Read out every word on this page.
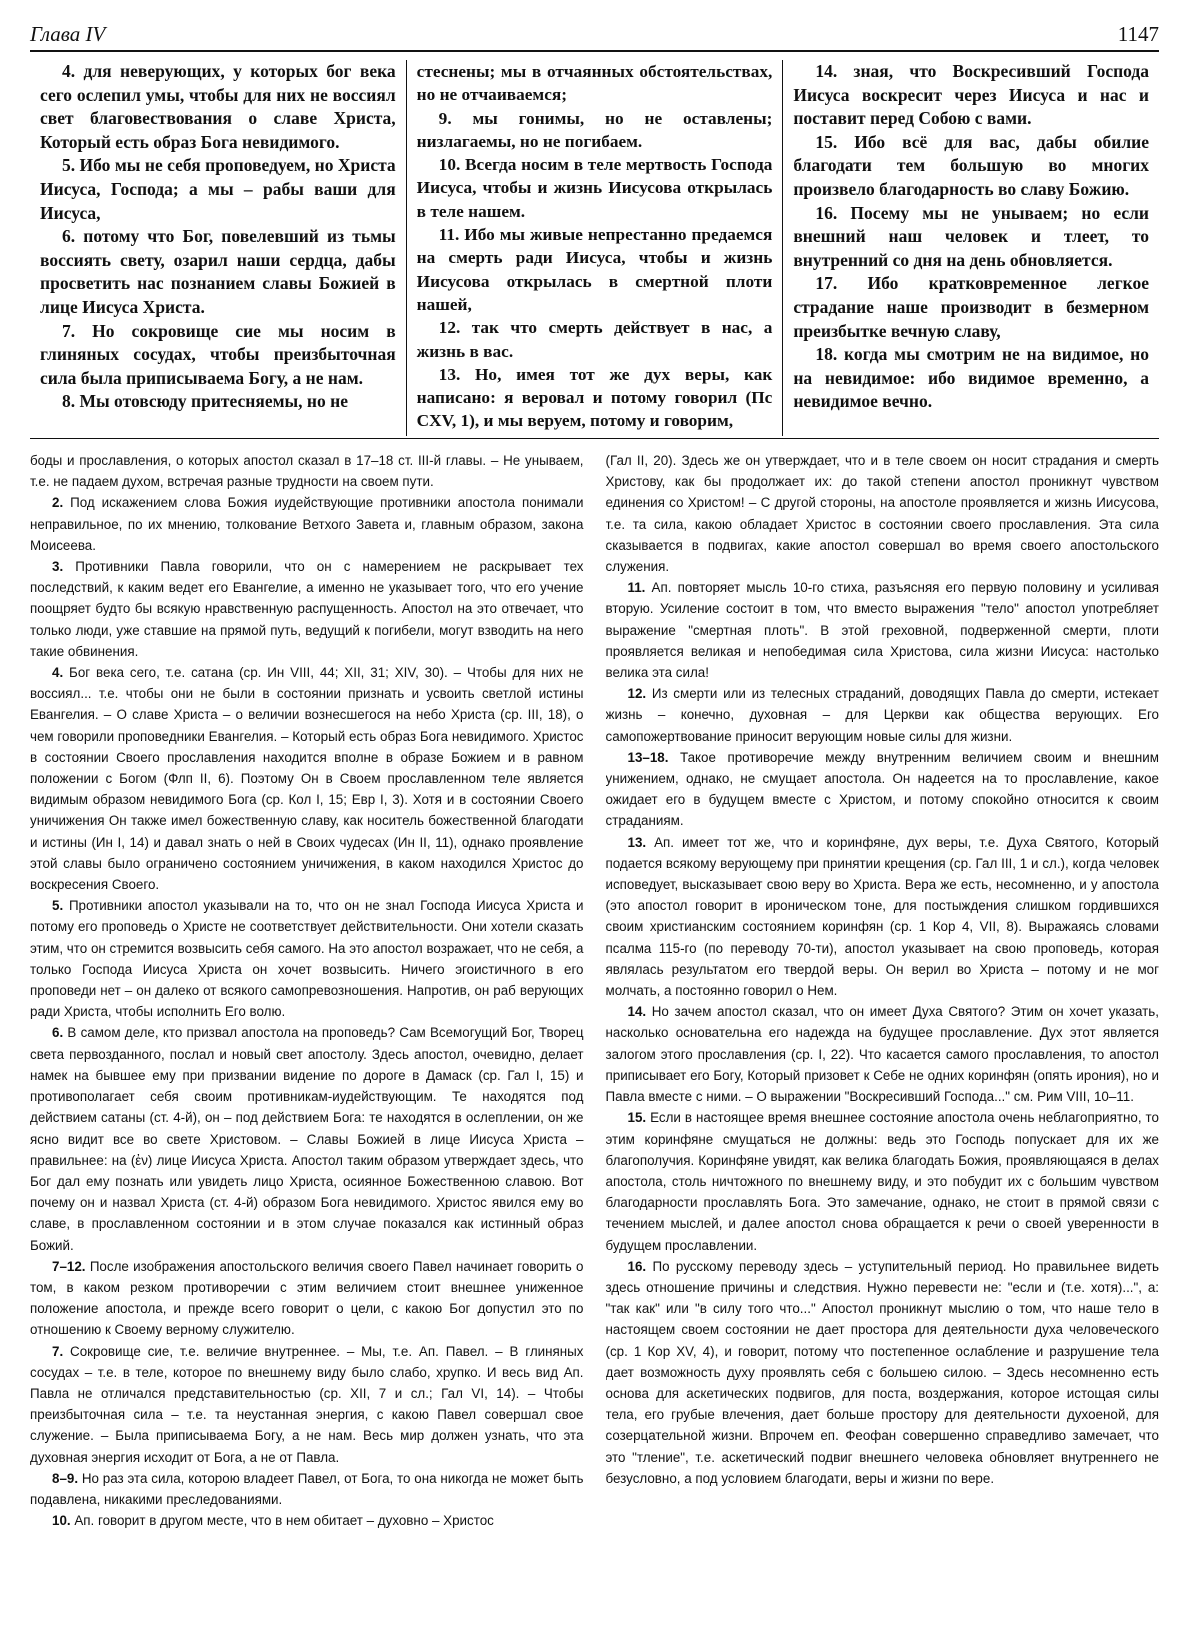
Глава IV	1147

4. для неверующих, у которых бог века сего ослепил умы, чтобы для них не воссиял свет благовествования о славе Христа, Который есть образ Бога невидимого.

5. Ибо мы не себя проповедуем, но Христа Иисуса, Господа; а мы – рабы ваши для Иисуса,

6. потому что Бог, повелевший из тьмы воссиять свету, озарил наши сердца, дабы просветить нас познанием славы Божией в лице Иисуса Христа.

7. Но сокровище сие мы носим в глиняных сосудах, чтобы преизбыточная сила была приписываема Богу, а не нам.

8. Мы отовсюду притесняемы, но не

стеснены; мы в отчаянных обстоятельствах, но не отчаиваемся;

9. мы гонимы, но не оставлены; низлагаемы, но не погибаем.

10. Всегда носим в теле мертвость Господа Иисуса, чтобы и жизнь Иисусова открылась в теле нашем.

11. Ибо мы живые непрестанно предаемся на смерть ради Иисуса, чтобы и жизнь Иисусова открылась в смертной плоти нашей,

12. так что смерть действует в нас, а жизнь в вас.

13. Но, имея тот же дух веры, как написано: я веровал и потому говорил (Пс CXV, 1), и мы веруем, потому и говорим,

14. зная, что Воскресивший Господа Иисуса воскресит через Иисуса и нас и поставит перед Собою с вами.

15. Ибо всё для вас, дабы обилие благодати тем большую во многих произвело благодарность во славу Божию.

16. Посему мы не унываем; но если внешний наш человек и тлеет, то внутренний со дня на день обновляется.

17. Ибо кратковременное легкое страдание наше производит в безмерном преизбытке вечную славу,

18. когда мы смотрим не на видимое, но на невидимое: ибо видимое временно, а невидимое вечно.

боды и прославления, о которых апостол сказал в 17–18 ст. III-й главы. – Не унываем, т.е. не падаем духом, встречая разные трудности на своем пути.

2. Под искажением слова Божия иудействующие противники апостола понимали неправильное, по их мнению, толкование Ветхого Завета и, главным образом, закона Моисеева.

3. Противники Павла говорили, что он с намерением не раскрывает тех последствий, к каким ведет его Евангелие, а именно не указывает того, что его учение поощряет будто бы всякую нравственную распущенность. Апостол на это отвечает, что только люди, уже ставшие на прямой путь, ведущий к погибели, могут взводить на него такие обвинения.

4. Бог века сего, т.е. сатана (ср. Ин VIII, 44; XII, 31; XIV, 30). – Чтобы для них не воссиял... т.е. чтобы они не были в состоянии признать и усвоить светлой истины Евангелия. – О славе Христа – о величии вознесшегося на небо Христа (ср. III, 18), о чем говорили проповедники Евангелия. – Который есть образ Бога невидимого. Христос в состоянии Своего прославления находится вполне в образе Божием и в равном положении с Богом (Флп II, 6). Поэтому Он в Своем прославленном теле является видимым образом невидимого Бога (ср. Кол I, 15; Евр I, 3). Хотя и в состоянии Своего уничижения Он также имел божественную славу, как носитель божественной благодати и истины (Ин I, 14) и давал знать о ней в Своих чудесах (Ин II, 11), однако проявление этой славы было ограничено состоянием уничижения, в каком находился Христос до воскресения Своего.

5. Противники апостол указывали на то, что он не знал Господа Иисуса Христа и потому его проповедь о Христе не соответствует действительности. Они хотели сказать этим, что он стремится возвысить себя самого. На это апостол возражает, что не себя, а только Господа Иисуса Христа он хочет возвысить. Ничего эгоистичного в его проповеди нет – он далеко от всякого самопревозношения. Напротив, он раб верующих ради Христа, чтобы исполнить Его волю.

6. В самом деле, кто призвал апостола на проповедь? Сам Всемогущий Бог, Творец света первозданного, послал и новый свет апостолу. Здесь апостол, очевидно, делает намек на бывшее ему при призвании видение по дороге в Дамаск (ср. Гал I, 15) и противополагает себя своим противникам-иудействующим. Те находятся под действием сатаны (ст. 4-й), он – под действием Бога: те находятся в ослеплении, он же ясно видит все во свете Христовом. – Славы Божией в лице Иисуса Христа – правильнее: на (ἐν) лице Иисуса Христа. Апостол таким образом утверждает здесь, что Бог дал ему познать или увидеть лицо Христа, осиянное Божественною славою. Вот почему он и назвал Христа (ст. 4-й) образом Бога невидимого. Христос явился ему во славе, в прославленном состоянии и в этом случае показался как истинный образ Божий.

7–12. После изображения апостольского величия своего Павел начинает говорить о том, в каком резком противоречии с этим величием стоит внешнее униженное положение апостола, и прежде всего говорит о цели, с какою Бог допустил это по отношению к Своему верному служителю.

7. Сокровище сие, т.е. величие внутреннее. – Мы, т.е. Ап. Павел. – В глиняных сосудах – т.е. в теле, которое по внешнему виду было слабо, хрупко. И весь вид Ап. Павла не отличался представительностью (ср. XII, 7 и сл.; Гал VI, 14). – Чтобы преизбыточная сила – т.е. та неустанная энергия, с какою Павел совершал свое служение. – Была приписываема Богу, а не нам. Весь мир должен узнать, что эта духовная энергия исходит от Бога, а не от Павла.

8–9. Но раз эта сила, которою владеет Павел, от Бога, то она никогда не может быть подавлена, никакими преследованиями.

10. Ап. говорит в другом месте, что в нем обитает – духовно – Христос

(Гал II, 20). Здесь же он утверждает, что и в теле своем он носит страдания и смерть Христову, как бы продолжает их: до такой степени апостол проникнут чувством единения со Христом! – С другой стороны, на апостоле проявляется и жизнь Иисусова, т.е. та сила, какою обладает Христос в состоянии своего прославления. Эта сила сказывается в подвигах, какие апостол совершал во время своего апостольского служения.

11. Ап. повторяет мысль 10-го стиха, разъясняя его первую половину и усиливая вторую. Усиление состоит в том, что вместо выражения "тело" апостол употребляет выражение "смертная плоть". В этой греховной, подверженной смерти, плоти проявляется великая и непобедимая сила Христова, сила жизни Иисуса: настолько велика эта сила!

12. Из смерти или из телесных страданий, доводящих Павла до смерти, истекает жизнь – конечно, духовная – для Церкви как общества верующих. Его самопожертвование приносит верующим новые силы для жизни.

13–18. Такое противоречие между внутренним величием своим и внешним унижением, однако, не смущает апостола. Он надеется на то прославление, какое ожидает его в будущем вместе с Христом, и потому спокойно относится к своим страданиям.

13. Ап. имеет тот же, что и коринфяне, дух веры, т.е. Духа Святого, Который подается всякому верующему при принятии крещения (ср. Гал III, 1 и сл.), когда человек исповедует, высказывает свою веру во Христа. Вера же есть, несомненно, и у апостола (это апостол говорит в ироническом тоне, для постыждения слишком гордившихся своим христианским состоянием коринфян (ср. 1 Кор 4, VII, 8). Выражаясь словами псалма 115-го (по переводу 70-ти), апостол указывает на свою проповедь, которая являлась результатом его твердой веры. Он верил во Христа – потому и не мог молчать, а постоянно говорил о Нем.

14. Но зачем апостол сказал, что он имеет Духа Святого? Этим он хочет указать, насколько основательна его надежда на будущее прославление. Дух этот является залогом этого прославления (ср. I, 22). Что касается самого прославления, то апостол приписывает его Богу, Который призовет к Себе не одних коринфян (опять ирония), но и Павла вместе с ними. – О выражении "Воскресивший Господа..." см. Рим VIII, 10–11.

15. Если в настоящее время внешнее состояние апостола очень неблагоприятно, то этим коринфяне смущаться не должны: ведь это Господь попускает для их же благополучия. Коринфяне увидят, как велика благодать Божия, проявляющаяся в делах апостола, столь ничтожного по внешнему виду, и это побудит их с большим чувством благодарности прославлять Бога. Это замечание, однако, не стоит в прямой связи с течением мыслей, и далее апостол снова обращается к речи о своей уверенности в будущем прославлении.

16. По русскому переводу здесь – уступительный период. Но правильнее видеть здесь отношение причины и следствия. Нужно перевести не: "если и (т.е. хотя)...", а: "так как" или "в силу того что..." Апостол проникнут мыслию о том, что наше тело в настоящем своем состоянии не дает простора для деятельности духа человеческого (ср. 1 Кор XV, 4), и говорит, потому что постепенное ослабление и разрушение тела дает возможность духу проявлять себя с большею силою. – Здесь несомненно есть основа для аскетических подвигов, для поста, воздержания, которое истощая силы тела, его грубые влечения, дает больше простору для деятельности духоеной, для созерцательной жизни. Впрочем еп. Феофан совершенно справедливо замечает, что это "тление", т.е. аскетический подвиг внешнего человека обновляет внутреннего не безусловно, а под условием благодати, веры и жизни по вере.
